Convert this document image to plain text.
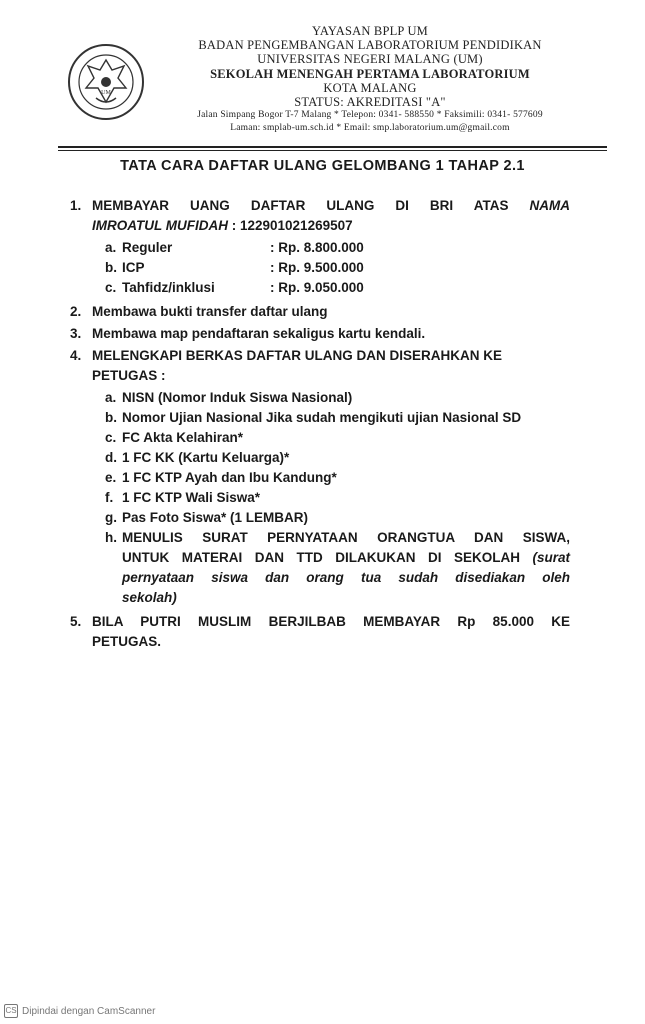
UM
YAYASAN BPLP UM
BADAN PENGEMBANGAN LABORATORIUM PENDIDIKAN
UNIVERSITAS NEGERI MALANG (UM)
SEKOLAH MENENGAH PERTAMA LABORATORIUM
KOTA MALANG
STATUS: AKREDITASI "A"
Jalan Simpang Bogor T-7 Malang * Telepon: 0341- 588550 * Faksimili: 0341- 577609
Laman: smplab-um.sch.id * Email: smp.laboratorium.um@gmail.com
TATA CARA DAFTAR ULANG GELOMBANG 1 TAHAP 2.1
1. MEMBAYAR UANG DAFTAR ULANG DI BRI ATAS NAMA
IMROATUL MUFIDAH : 122901021269507
a. Reguler	: Rp. 8.800.000
b. ICP	: Rp. 9.500.000
c. Tahfidz/inklusi	: Rp. 9.050.000
2. Membawa bukti transfer daftar ulang
3. Membawa map pendaftaran sekaligus kartu kendali.
4. MELENGKAPI BERKAS DAFTAR ULANG DAN DISERAHKAN KE
PETUGAS :
a. NISN (Nomor Induk Siswa Nasional)
b. Nomor Ujian Nasional Jika sudah mengikuti ujian Nasional SD
c. FC Akta Kelahiran*
d. 1 FC KK (Kartu Keluarga)*
e. 1 FC KTP Ayah dan Ibu Kandung*
f. 1 FC KTP Wali Siswa*
g. Pas Foto Siswa* (1 LEMBAR)
h. MENULIS SURAT PERNYATAAN ORANGTUA DAN SISWA,
UNTUK MATERAI DAN TTD DILAKUKAN DI SEKOLAH (surat
pernyataan siswa dan orang tua sudah disediakan oleh
sekolah)
5. BILA PUTRI MUSLIM BERJILBAB MEMBAYAR Rp 85.000 KE
PETUGAS.
CS Dipindai dengan CamScanner
